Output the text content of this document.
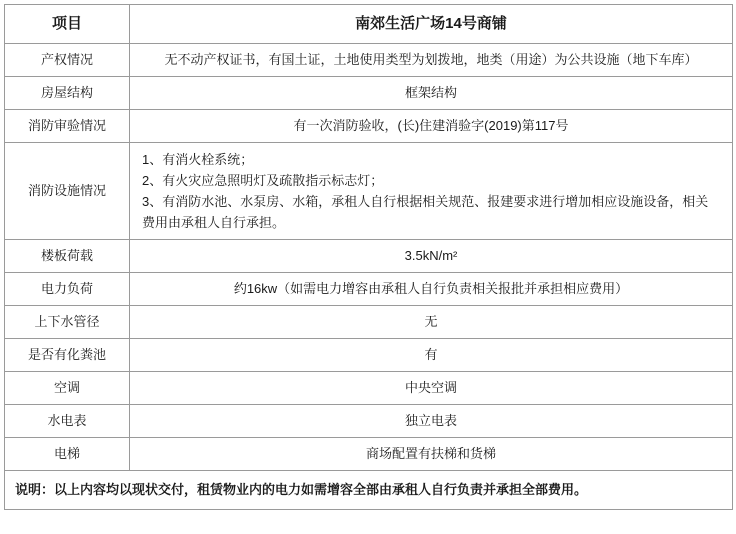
项目	南郊生活广场14号商铺
产权情况	无不动产权证书，有国土证，土地使用类型为划拨地，地类（用途）为公共设施（地下车库）
房屋结构	框架结构
消防审验情况	有一次消防验收，(长)住建消验字(2019)第117号
消防设施情况	1、有消火栓系统；

2、有火灾应急照明灯及疏散指示标志灯；

3、有消防水池、水泵房、水箱，承租人自行根据相关规范、报建要求进行增加相应设施设备，相关费用由承租人自行承担。

楼板荷载	3.5kN/m²
电力负荷	约16kw（如需电力增容由承租人自行负责相关报批并承担相应费用）
上下水管径	无
是否有化粪池	有
空调	中央空调
水电表	独立电表
电梯	商场配置有扶梯和货梯
说明：以上内容均以现状交付，租赁物业内的电力如需增容全部由承租人自行负责并承担全部费用。	
